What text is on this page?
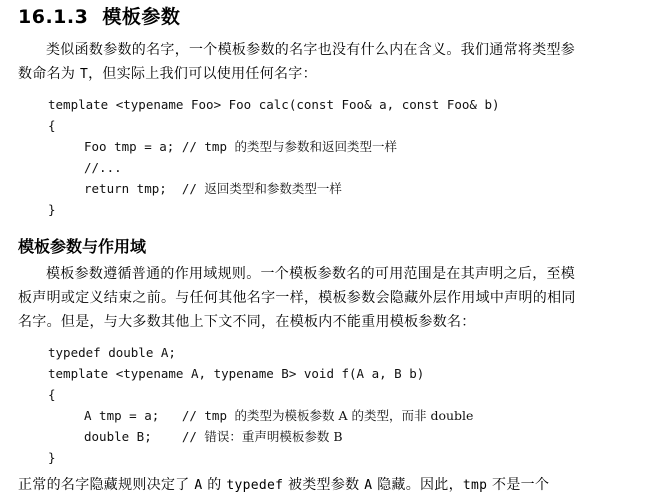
16.1.3 模板参数
类似函数参数的名字，一个模板参数的名字也没有什么内在含义。我们通常将类型参
数命名为 T，但实际上我们可以使用任何名字：
template <typename Foo> Foo calc(const Foo& a, const Foo& b)
{
Foo tmp = a; // tmp 的类型与参数和返回类型一样
//...
return tmp;  // 返回类型和参数类型一样
}
模板参数与作用域
模板参数遵循普通的作用域规则。一个模板参数名的可用范围是在其声明之后，至模
板声明或定义结束之前。与任何其他名字一样，模板参数会隐藏外层作用域中声明的相同
名字。但是，与大多数其他上下文不同，在模板内不能重用模板参数名：
typedef double A;
template <typename A, typename B> void f(A a, B b)
{
A tmp = a;   // tmp 的类型为模板参数 A 的类型，而非 double
double B;    // 错误：重声明模板参数 B
}
正常的名字隐藏规则决定了 A 的 typedef 被类型参数 A 隐藏。因此，tmp 不是一个
